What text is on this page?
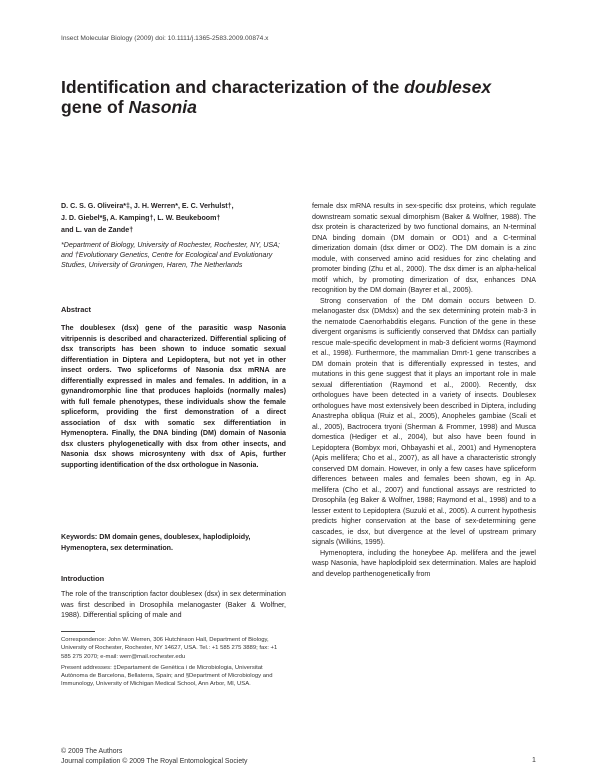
Insect Molecular Biology (2009) doi: 10.1111/j.1365-2583.2009.00874.x
Identification and characterization of the doublesex gene of Nasonia
D. C. S. G. Oliveira*‡, J. H. Werren*, E. C. Verhulst†,
J. D. Giebel*§, A. Kamping†, L. W. Beukeboom†
and L. van de Zande†
*Department of Biology, University of Rochester, Rochester, NY, USA; and †Evolutionary Genetics, Centre for Ecological and Evolutionary Studies, University of Groningen, Haren, The Netherlands
Abstract
The doublesex (dsx) gene of the parasitic wasp Nasonia vitripennis is described and characterized. Differential splicing of dsx transcripts has been shown to induce somatic sexual differentiation in Diptera and Lepidoptera, but not yet in other insect orders. Two spliceforms of Nasonia dsx mRNA are differentially expressed in males and females. In addition, in a gynandromorphic line that produces haploids (normally males) with full female phenotypes, these individuals show the female spliceform, providing the first demonstration of a direct association of dsx with somatic sex differentiation in Hymenoptera. Finally, the DNA binding (DM) domain of Nasonia dsx clusters phylogenetically with dsx from other insects, and Nasonia dsx shows microsynteny with dsx of Apis, further supporting identification of the dsx orthologue in Nasonia.
Keywords: DM domain genes, doublesex, haplodiploidy, Hymenoptera, sex determination.
Introduction
The role of the transcription factor doublesex (dsx) in sex determination was first described in Drosophila melanogaster (Baker & Wolfner, 1988). Differential splicing of male and

Correspondence: John W. Werren, 306 Hutchinson Hall, Department of Biology, University of Rochester, Rochester, NY 14627, USA. Tel.: +1 585 275 3889; fax: +1 585 275 2070; e-mail: werr@mail.rochester.edu

Present addresses: ‡Departament de Genètica i de Microbiologia, Universitat Autònoma de Barcelona, Bellaterra, Spain; and §Department of Microbiology and Immunology, University of Michigan Medical School, Ann Arbor, MI, USA.

female dsx mRNA results in sex-specific dsx proteins, which regulate downstream somatic sexual dimorphism (Baker & Wolfner, 1988). The dsx protein is characterized by two functional domains, an N-terminal DNA binding domain (DM domain or OD1) and a C-terminal dimerization domain (dsx dimer or OD2). The DM domain is a zinc module, with conserved amino acid residues for zinc chelating and promoter binding (Zhu et al., 2000). The dsx dimer is an alpha-helical motif which, by promoting dimerization of dsx, enhances DNA recognition by the DM domain (Bayrer et al., 2005).

Strong conservation of the DM domain occurs between D. melanogaster dsx (DMdsx) and the sex determining protein mab-3 in the nematode Caenorhabditis elegans. Function of the gene in these divergent organisms is sufficiently conserved that DMdsx can partially rescue male-specific development in mab-3 deficient worms (Raymond et al., 1998). Furthermore, the mammalian Dmrt-1 gene transcribes a DM domain protein that is differentially expressed in testes, and mutations in this gene suggest that it plays an important role in male sexual differentiation (Raymond et al., 2000). Recently, dsx orthologues have been detected in a variety of insects. Doublesex orthologues have most extensively been described in Diptera, including Anastrepha obliqua (Ruiz et al., 2005), Anopheles gambiae (Scali et al., 2005), Bactrocera tryoni (Sherman & Frommer, 1998) and Musca domestica (Hediger et al., 2004), but also have been found in Lepidoptera (Bombyx mori, Ohbayashi et al., 2001) and Hymenoptera (Apis mellifera; Cho et al., 2007), as all have a characteristic strongly conserved DM domain. However, in only a few cases have spliceform differences between males and females been shown, eg in Ap. mellifera (Cho et al., 2007) and functional assays are restricted to Drosophila (eg Baker & Wolfner, 1988; Raymond et al., 1998) and to a lesser extent to Lepidoptera (Suzuki et al., 2005). A current hypothesis predicts higher conservation at the base of sex-determining gene cascades, ie dsx, but divergence at the level of upstream primary signals (Wilkins, 1995).

Hymenoptera, including the honeybee Ap. mellifera and the jewel wasp Nasonia, have haplodiploid sex determination. Males are haploid and develop parthenogenetically from

© 2009 The Authors
Journal compilation © 2009 The Royal Entomological Society	1
